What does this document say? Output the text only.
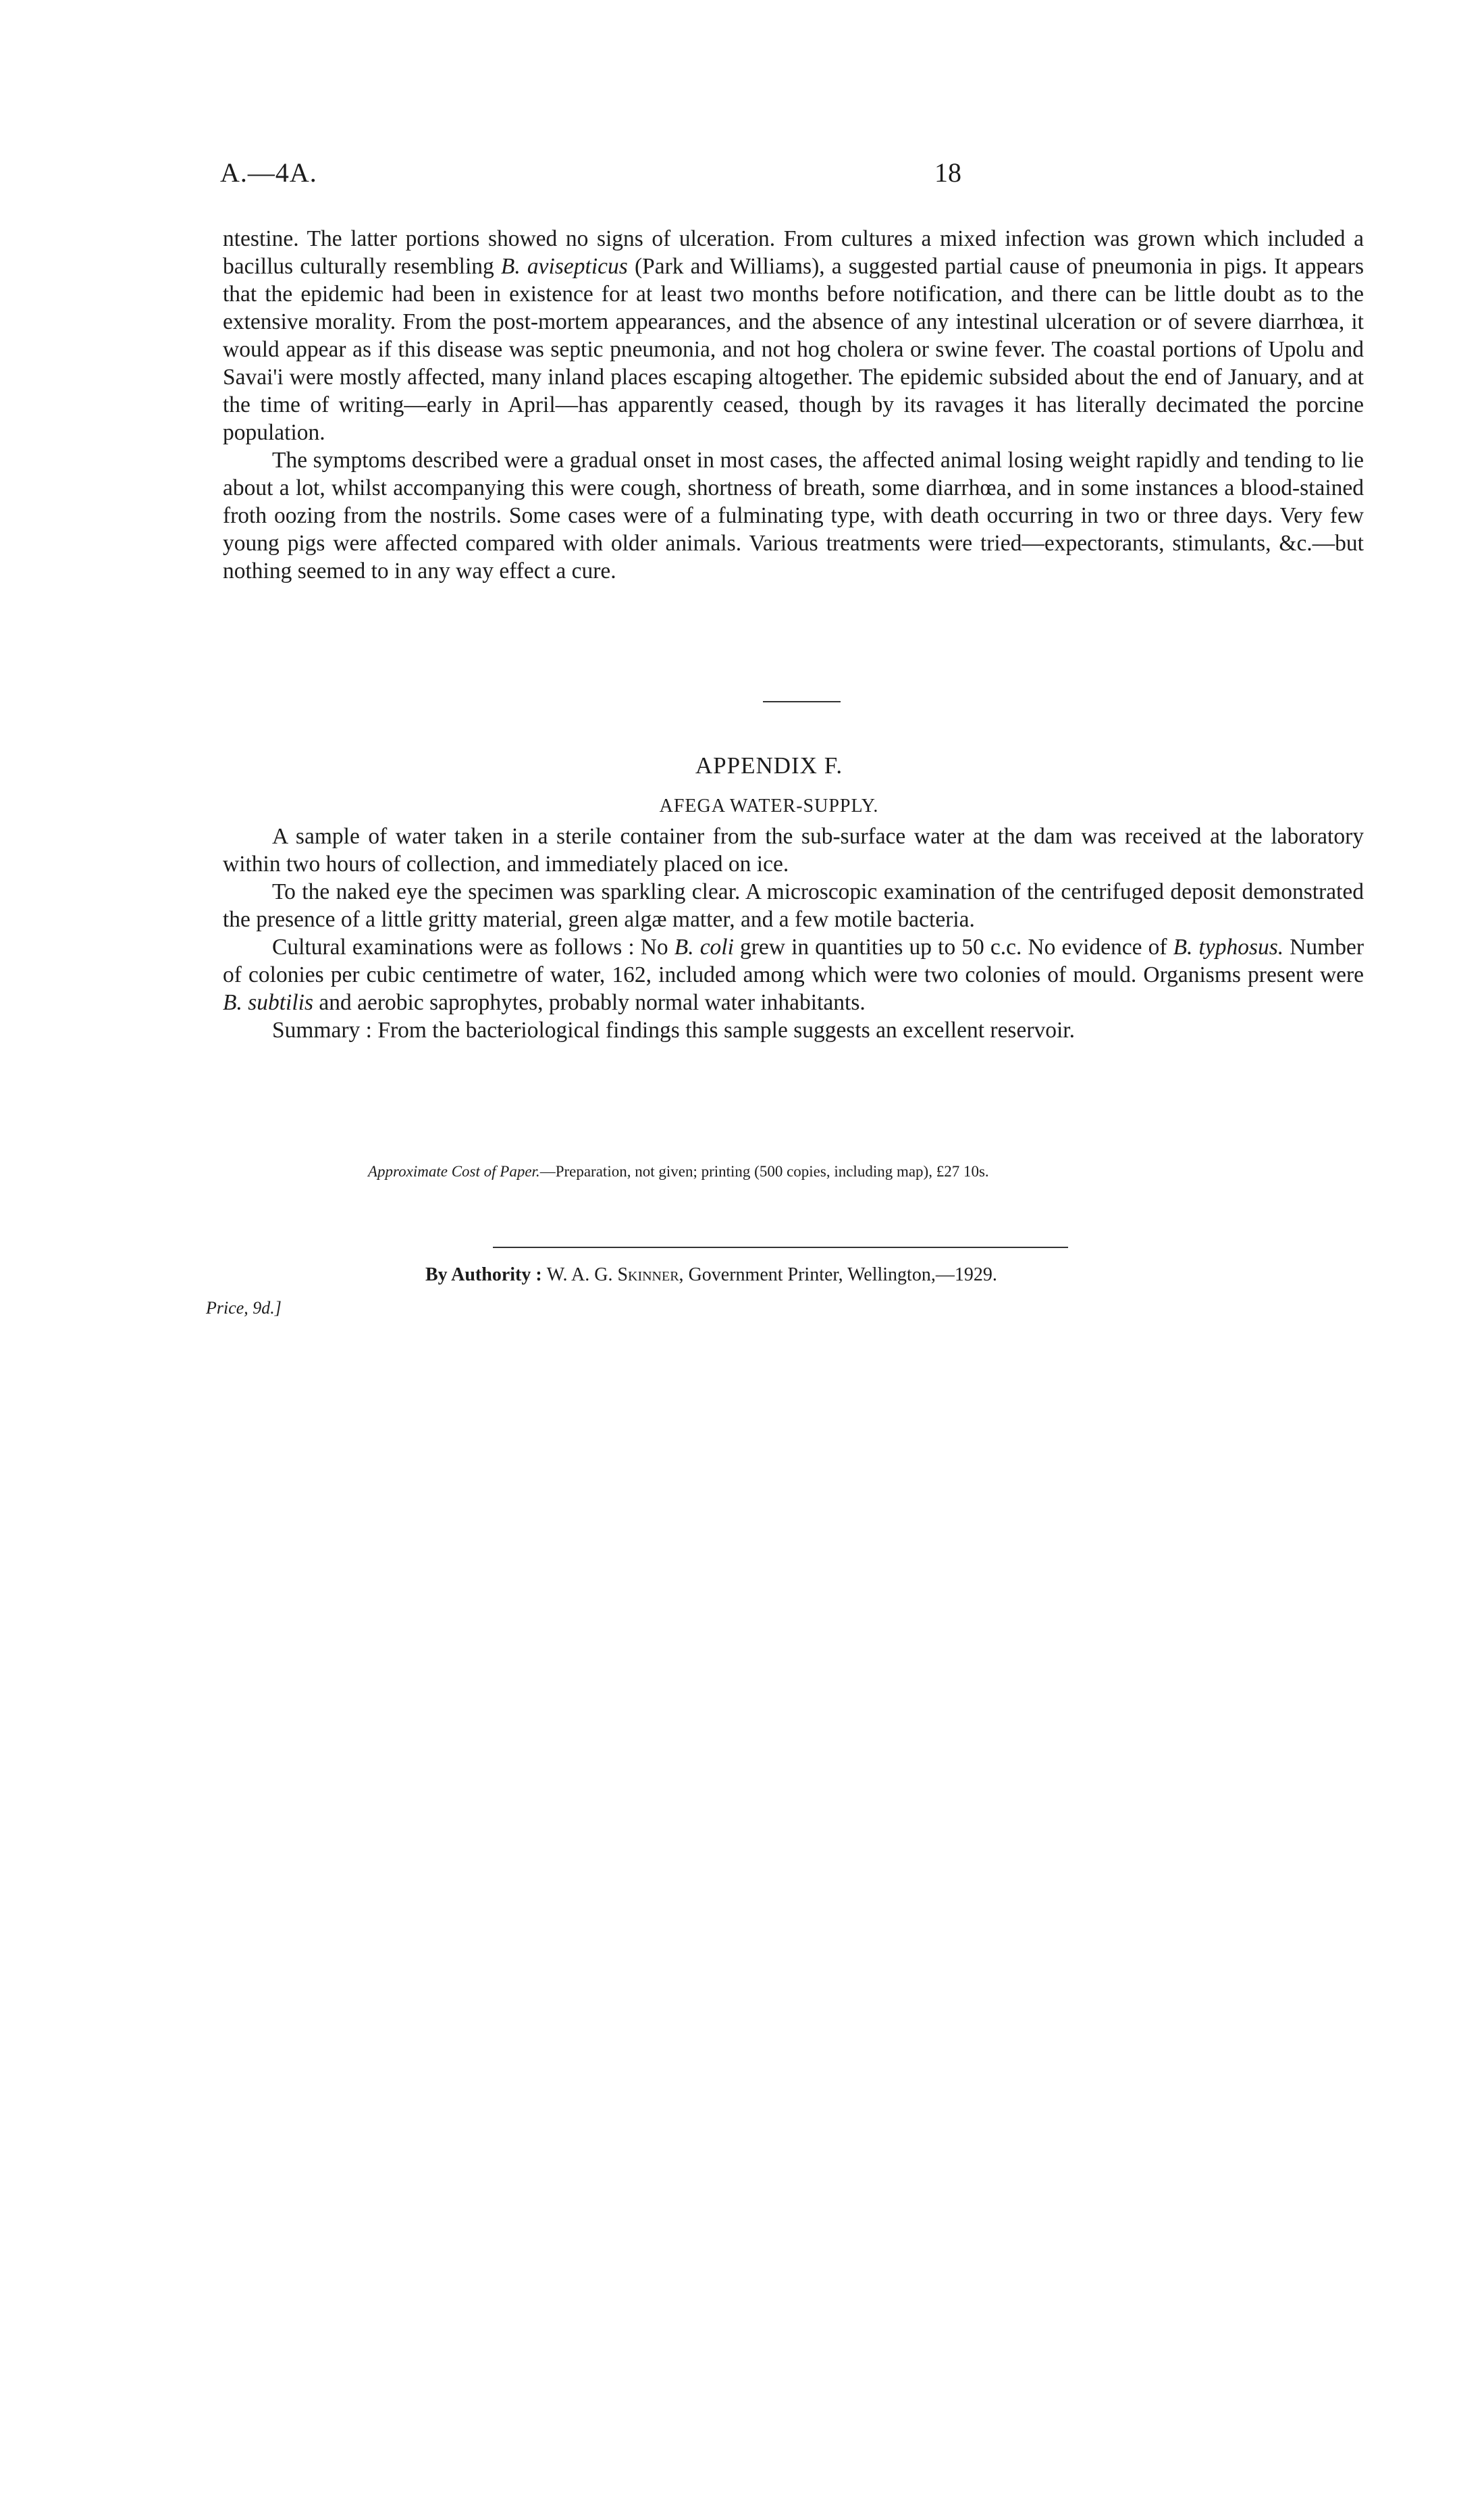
A.—4A.	18

ntestine. The latter portions showed no signs of ulceration. From cultures a mixed infection was grown which included a bacillus culturally resembling B. avisepticus (Park and Williams), a suggested partial cause of pneumonia in pigs. It appears that the epidemic had been in existence for at least two months before notification, and there can be little doubt as to the extensive morality. From the post-mortem appearances, and the absence of any intestinal ulceration or of severe diarrhœa, it would appear as if this disease was septic pneumonia, and not hog cholera or swine fever. The coastal portions of Upolu and Savai'i were mostly affected, many inland places escaping altogether. The epidemic subsided about the end of January, and at the time of writing—early in April—has apparently ceased, though by its ravages it has literally decimated the porcine population.

The symptoms described were a gradual onset in most cases, the affected animal losing weight rapidly and tending to lie about a lot, whilst accompanying this were cough, shortness of breath, some diarrhœa, and in some instances a blood-stained froth oozing from the nostrils. Some cases were of a fulminating type, with death occurring in two or three days. Very few young pigs were affected compared with older animals. Various treatments were tried—expectorants, stimulants, &c.—but nothing seemed to in any way effect a cure.

APPENDIX F.
AFEGA WATER-SUPPLY.

A sample of water taken in a sterile container from the sub-surface water at the dam was received at the laboratory within two hours of collection, and immediately placed on ice.

To the naked eye the specimen was sparkling clear. A microscopic examination of the centrifuged deposit demonstrated the presence of a little gritty material, green algæ matter, and a few motile bacteria.

Cultural examinations were as follows : No B. coli grew in quantities up to 50 c.c. No evidence of B. typhosus. Number of colonies per cubic centimetre of water, 162, included among which were two colonies of mould. Organisms present were B. subtilis and aerobic saprophytes, probably normal water inhabitants.

Summary : From the bacteriological findings this sample suggests an excellent reservoir.

Approximate Cost of Paper.—Preparation, not given; printing (500 copies, including map), £27 10s.
By Authority : W. A. G. Skinner, Government Printer, Wellington,—1929.
Price, 9d.]
